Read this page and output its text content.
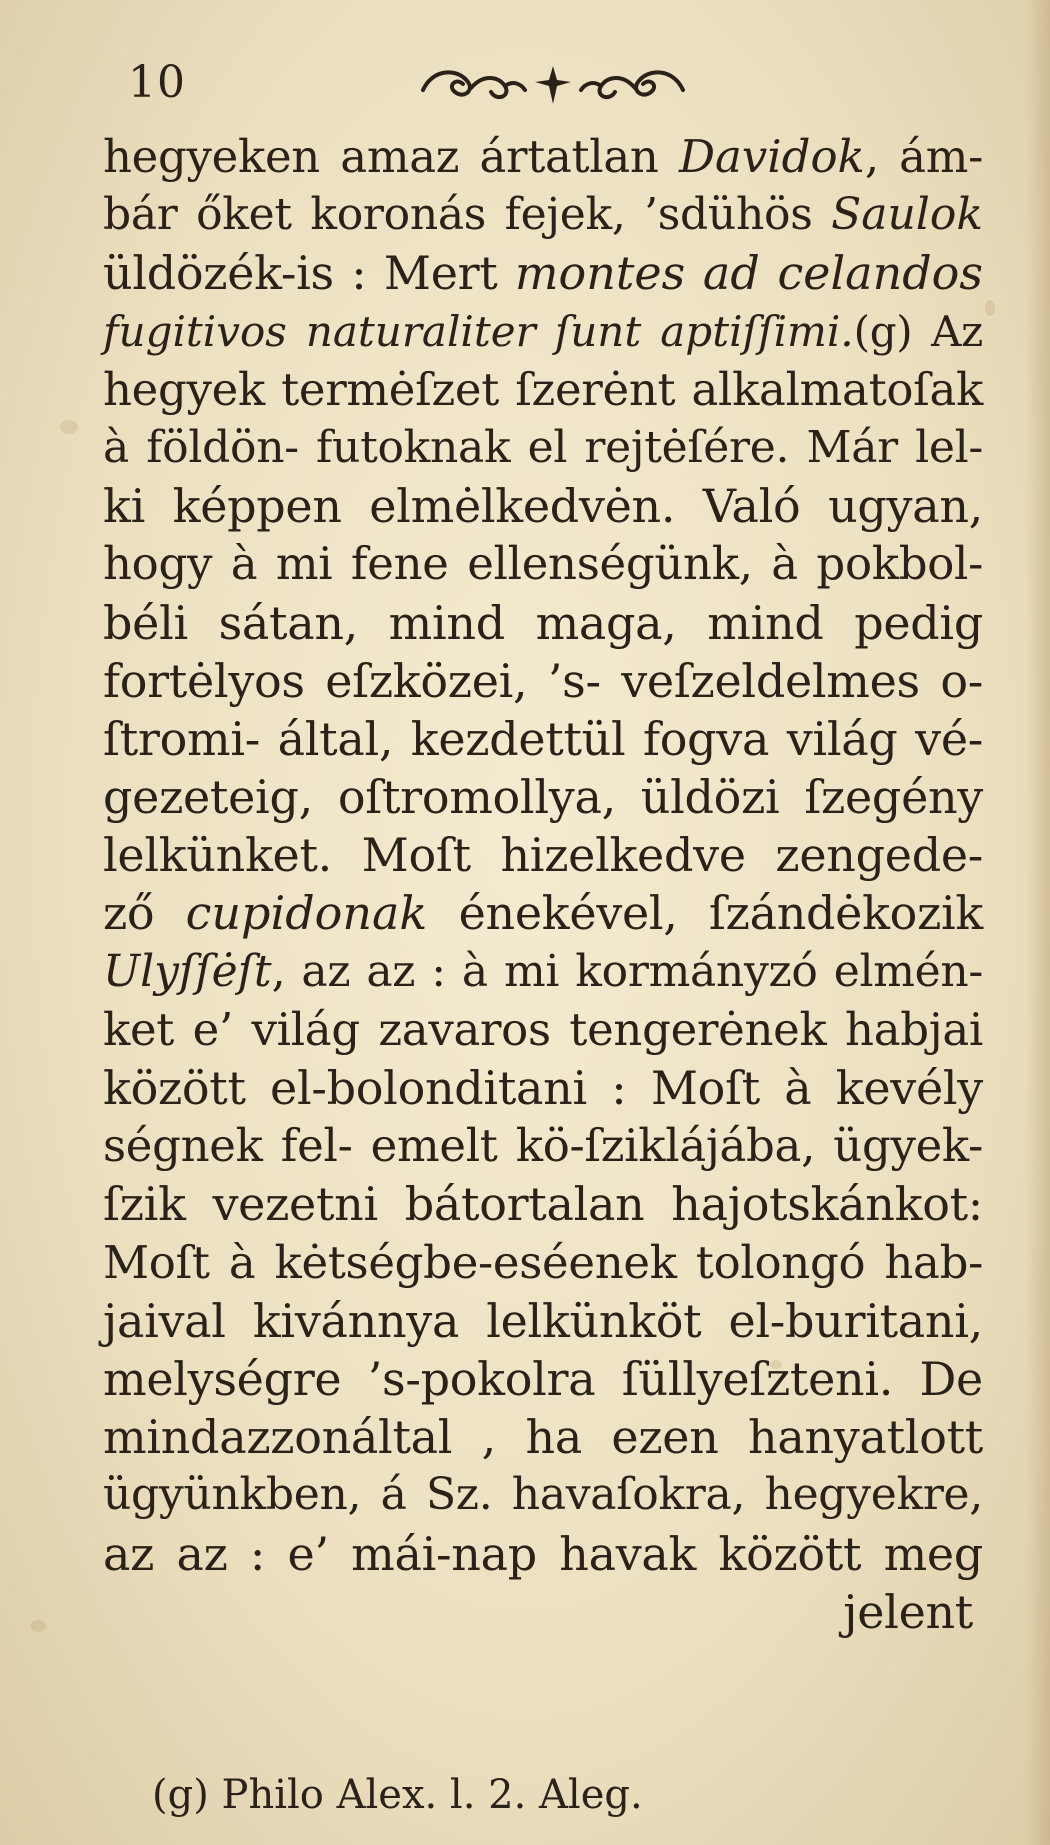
10
hegyeken amaz ártatlan Davidok, ám-
bár őket koronás fejek, ’sdühös Saulok
üldözék-is : Mert montes ad celandos
fugitivos naturaliter ſunt aptiſſimi.(g) Az
hegyek termėſzet ſzerėnt alkalmatoſak
à földön- futoknak el rejtėſére. Már lel-
ki képpen elmėlkedvėn. Való ugyan,
hogy à mi fene ellenségünk, à pokbol-
béli sátan, mind maga, mind pedig
fortėlyos eſzközei, ’s- veſzeldelmes o-
ſtromi- által, kezdettül fogva világ vé-
gezeteig, oſtromollya, üldözi ſzegény
lelkünket. Moſt hizelkedve zengede-
ző cupidonak énekével, ſzándėkozik
Ulyſſėſt, az az : à mi kormányzó elmén-
ket e’ világ zavaros tengerėnek habjai
között el-bolonditani : Moſt à kevély
ségnek fel- emelt kö-ſziklájába, ügyek-
ſzik vezetni bátortalan hajotskánkot:
Moſt à kėtségbe-eséenek tolongó hab-
jaival kivánnya lelkünköt el-buritani,
melységre ’s-pokolra ſüllyeſzteni. De
mindazzonáltal , ha ezen hanyatlott
ügyünkben, á Sz. havaſokra, hegyekre,
az az : e’ mái-nap havak között meg
jelent
(g) Philo Alex. l. 2. Aleg.
